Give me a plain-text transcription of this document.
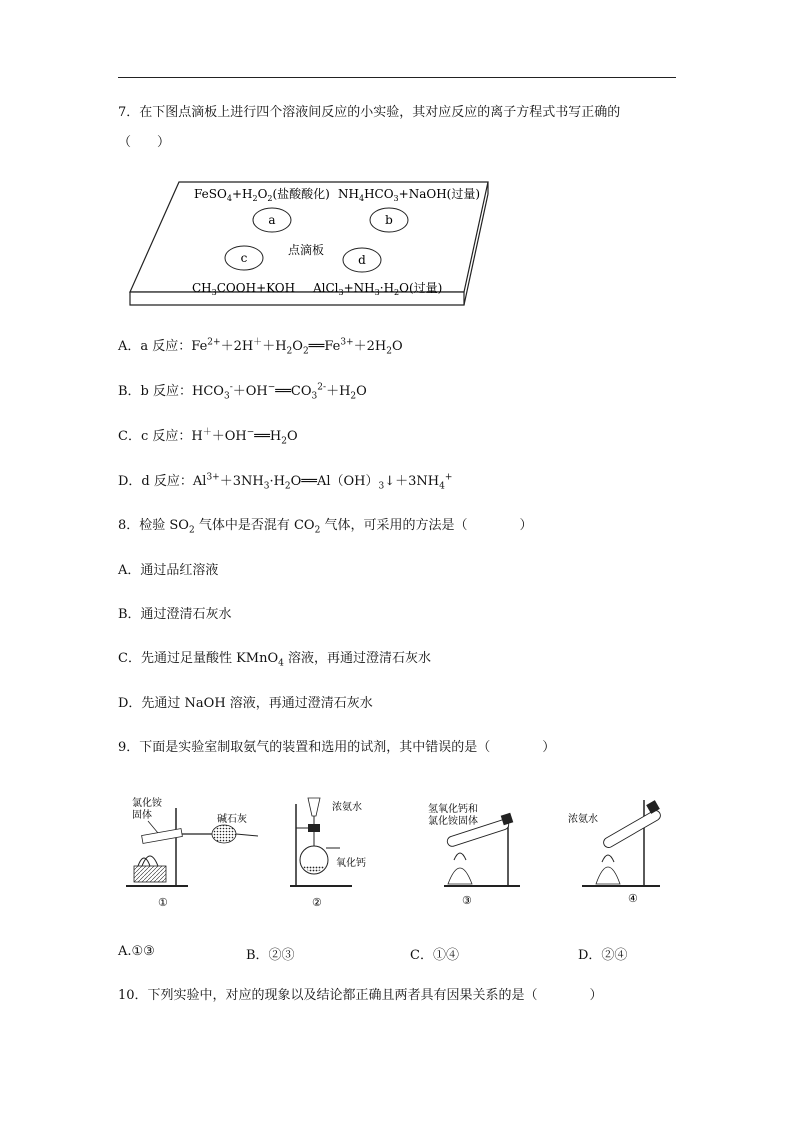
7．在下图点滴板上进行四个溶液间反应的小实验，其对应反应的离子方程式书写正确的
（　　）
$FeSO_4+H_2O_2$(盐酸酸化) $NH_4HCO_3+NaOH$(过量)
a	b
c
点滴板
d
$CH_3COOH+KOH$ $AlCl_3+NH_3\cdot H_2O$(过量)
A．a 反应：$Fe^{2+}+2H^++H_2O_2══Fe^{3+}+2H_2O$
B．b 反应：$HCO_3^-+OH^-══CO_3^{2-}+H_2O$
C．c 反应：$H^++OH^-══H_2O$
D．d 反应：$Al^{3+}+3NH_3\cdot H_2O══Al(OH)_3↓+3NH_4^+$
8．检验 $SO_2$ 气体中是否混有 $CO_2$ 气体，可采用的方法是（　　　　）
A．通过品红溶液
B．通过澄清石灰水
C．先通过足量酸性 KMnO$_4$ 溶液，再通过澄清石灰水
D．先通过 NaOH 溶液，再通过澄清石灰水
9．下面是实验室制取氨气的装置和选用的试剂，其中错误的是（　　　　）
氯化铵
固体	碱石灰
①
浓氨水
氧化钙
②
氢氧化钙和
氯化铵固体
③
浓氨水
④
A.①③	B．②③	C．①④	D．②④
10．下列实验中，对应的现象以及结论都正确且两者具有因果关系的是（　　　　）
